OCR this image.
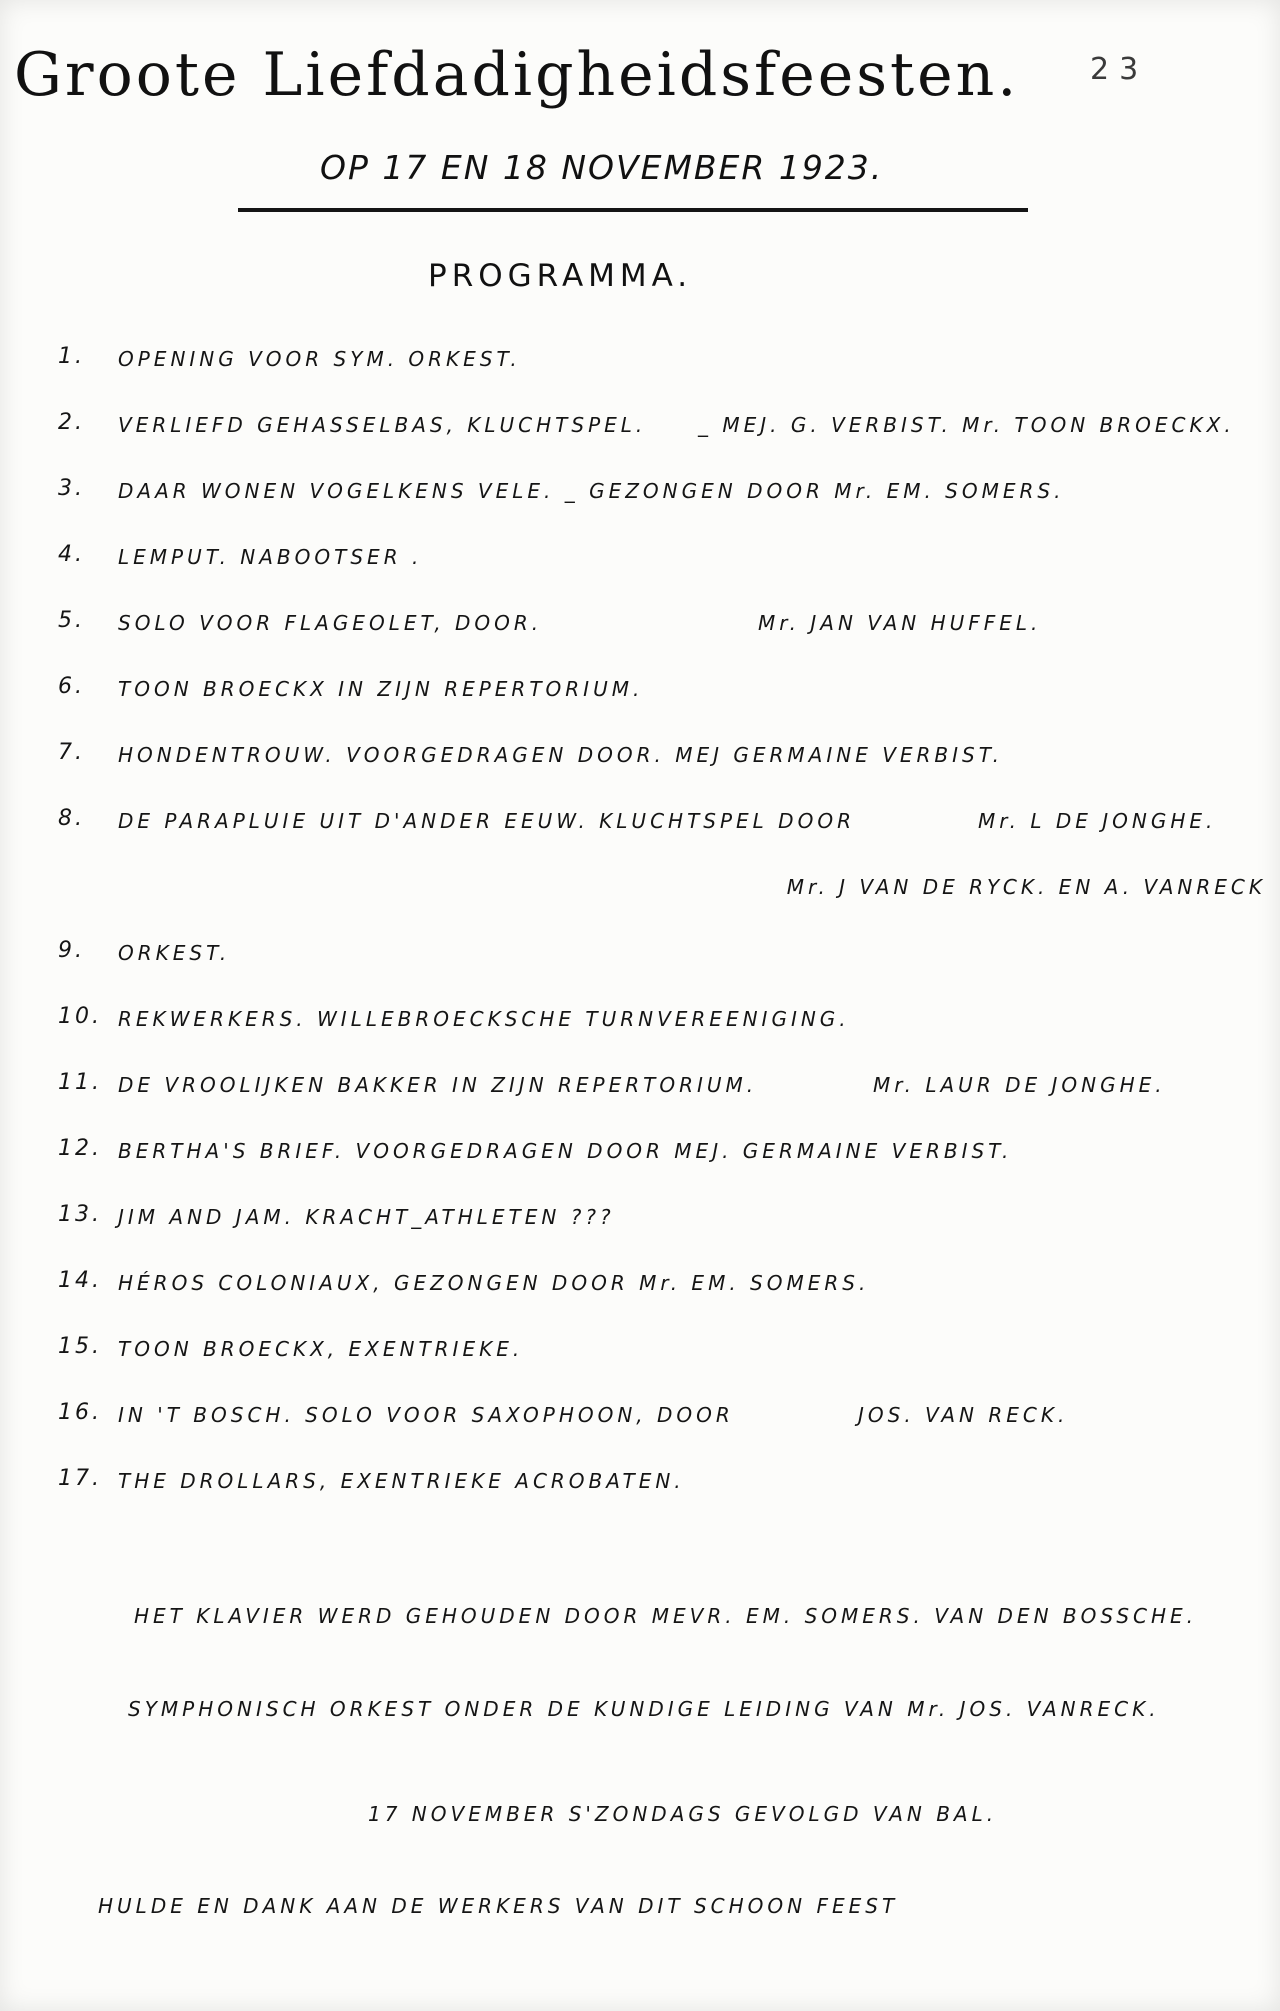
Groote Liefdadigheidsfeesten. 23
OP 17 EN 18 NOVEMBER 1923.
PROGRAMMA.
1. OPENING VOOR SYM. ORKEST.
2. VERLIEFD GEHASSELBAS, KLUCHTSPEL.	_ MEJ. G. VERBIST. Mr. TOON BROECKX.
3. DAAR WONEN VOGELKENS VELE. _ GEZONGEN DOOR Mr. EM. SOMERS.
4. LEMPUT. NABOOTSER .
5. SOLO VOOR FLAGEOLET, DOOR.	Mr. JAN VAN HUFFEL.
6. TOON BROECKX IN ZIJN REPERTORIUM.
7. HONDENTROUW. VOORGEDRAGEN DOOR. MEJ GERMAINE VERBIST.
8. DE PARAPLUIE UIT D'ANDER EEUW. KLUCHTSPEL DOOR	Mr. L DE JONGHE.
Mr. J VAN DE RYCK. EN A. VANRECK
9. ORKEST.
10. REKWERKERS. WILLEBROECKSCHE TURNVEREENIGING.
11. DE VROOLIJKEN BAKKER IN ZIJN REPERTORIUM.	Mr. LAUR DE JONGHE.
12. BERTHA'S BRIEF. VOORGEDRAGEN DOOR MEJ. GERMAINE VERBIST.
13. JIM AND JAM. KRACHT_ATHLETEN ???
14. HÉROS COLONIAUX, GEZONGEN DOOR Mr. EM. SOMERS.
15. TOON BROECKX, EXENTRIEKE.
16. IN 'T BOSCH. SOLO VOOR SAXOPHOON, DOOR	JOS. VAN RECK.
17. THE DROLLARS, EXENTRIEKE ACROBATEN.
HET KLAVIER WERD GEHOUDEN DOOR MEVR. EM. SOMERS. VAN DEN BOSSCHE.
SYMPHONISCH ORKEST ONDER DE KUNDIGE LEIDING VAN Mr. JOS. VANRECK.
17 NOVEMBER S'ZONDAGS GEVOLGD VAN BAL.
HULDE EN DANK AAN DE WERKERS VAN DIT SCHOON FEEST
